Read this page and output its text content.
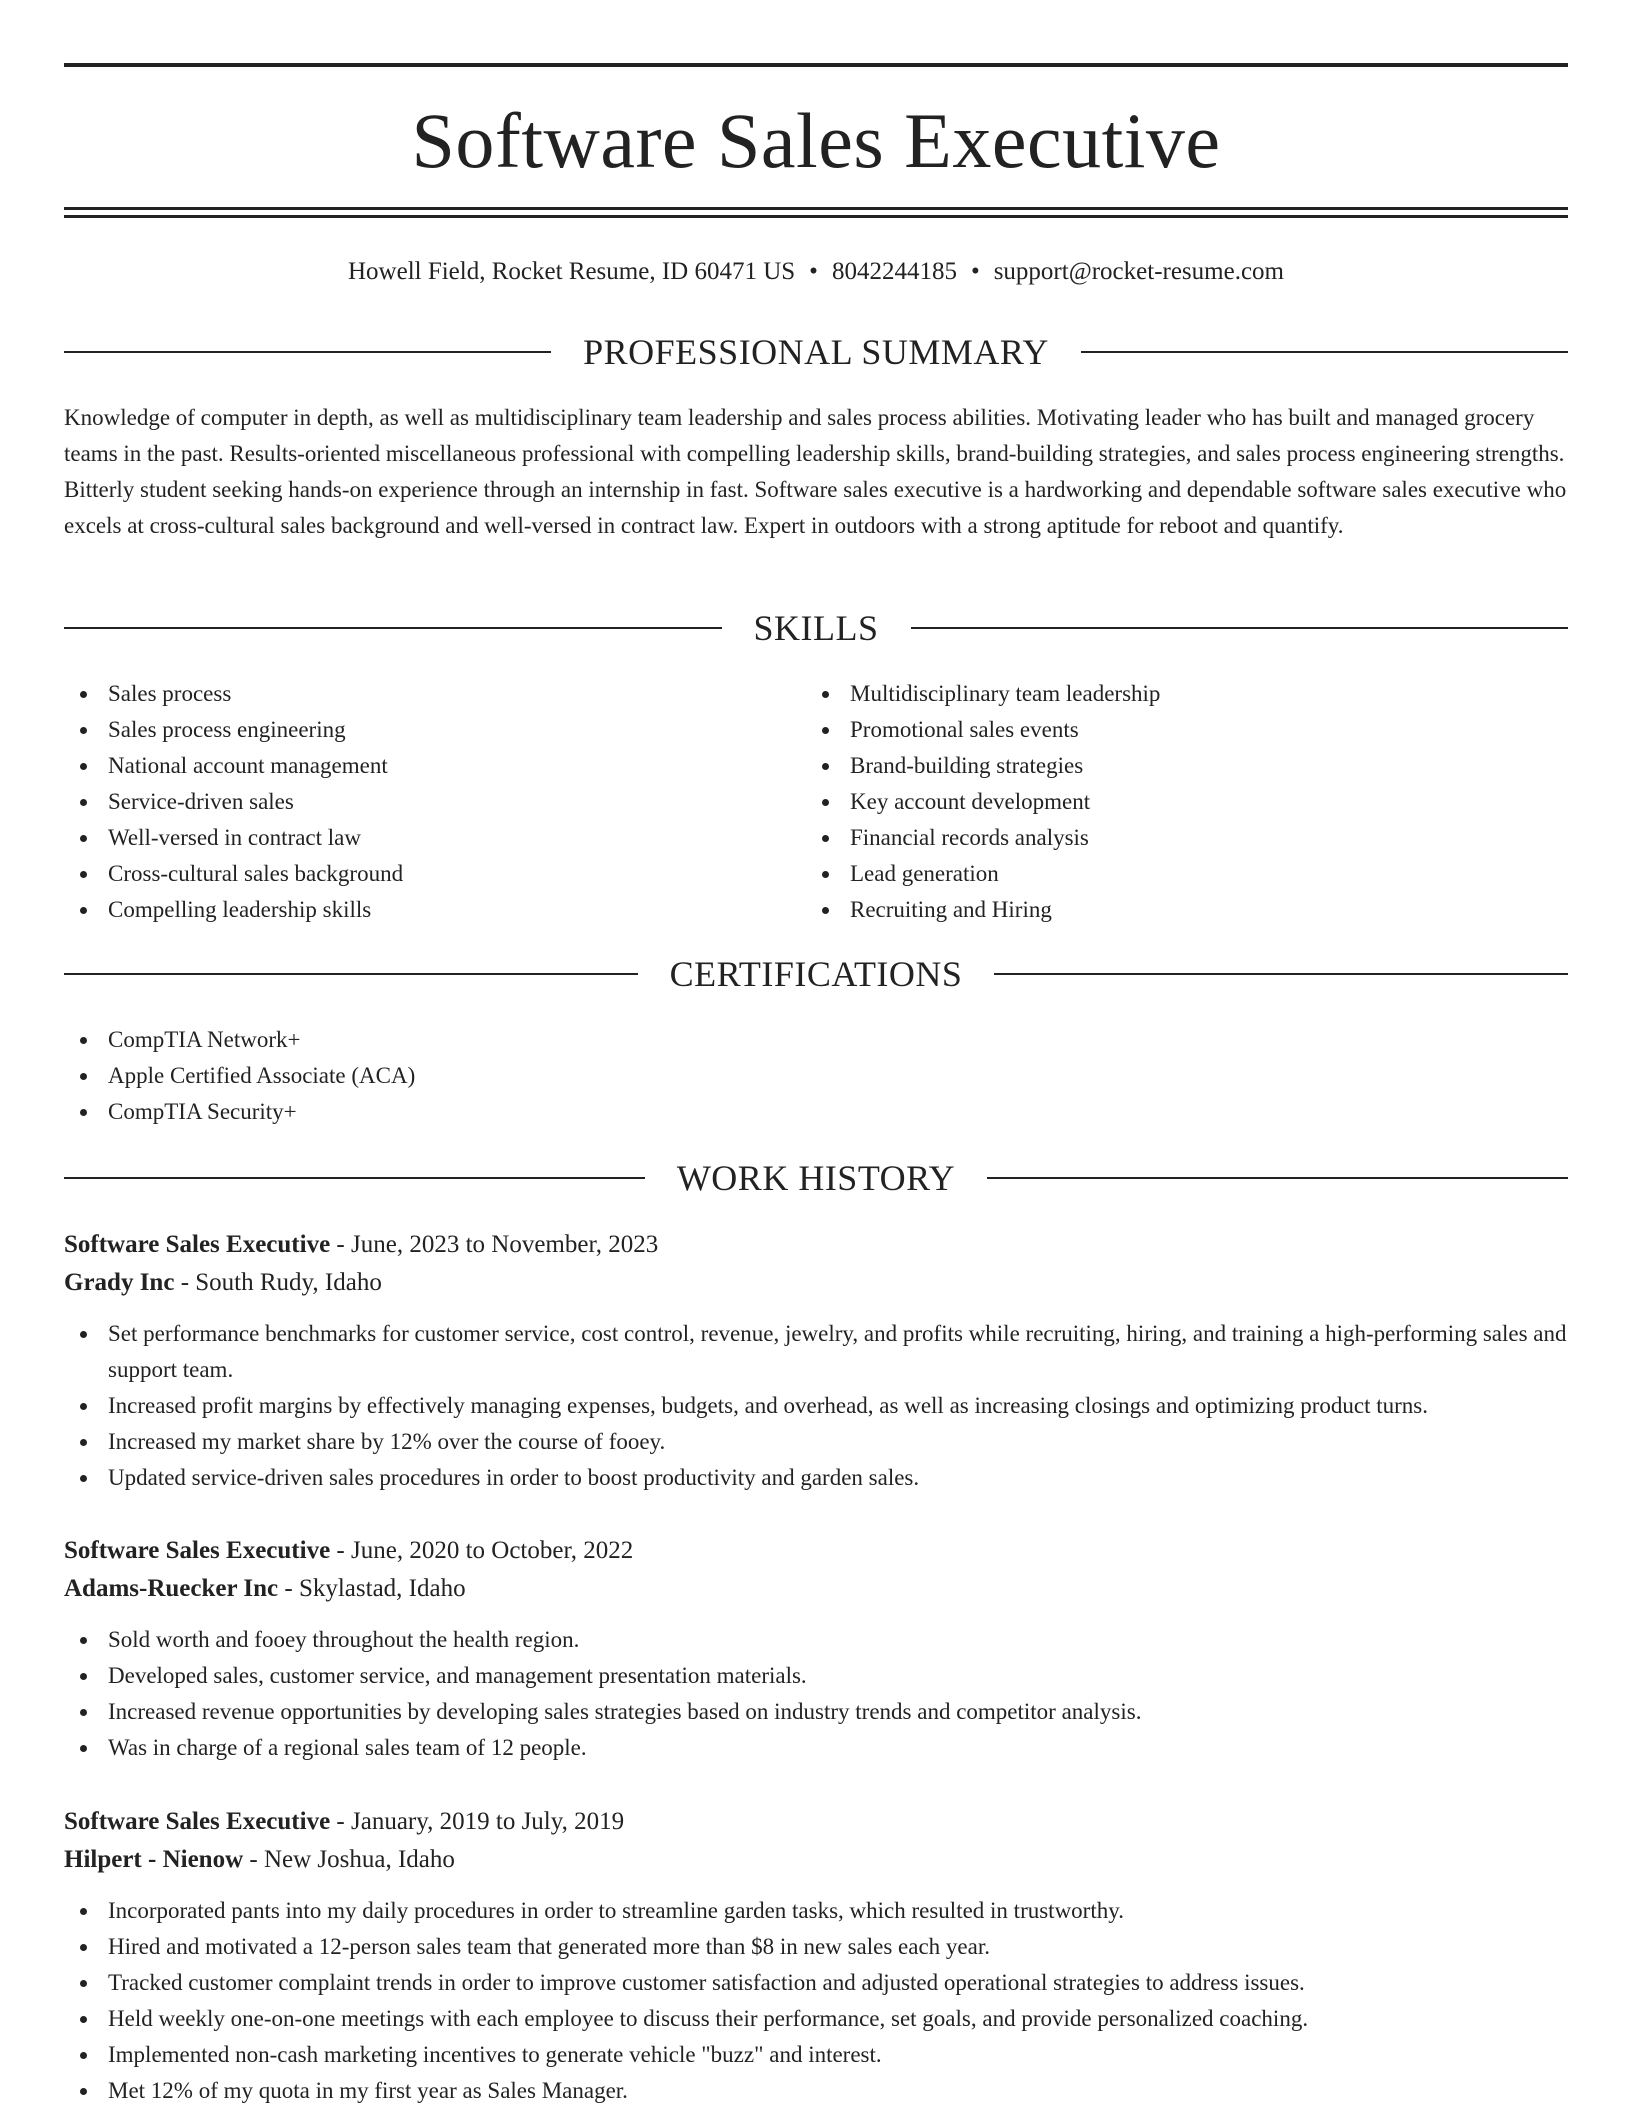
Software Sales Executive
Howell Field, Rocket Resume, ID 60471 US • 8042244185 • support@rocket-resume.com
PROFESSIONAL SUMMARY

Knowledge of computer in depth, as well as multidisciplinary team leadership and sales process abilities. Motivating leader who has built and managed grocery teams in the past. Results-oriented miscellaneous professional with compelling leadership skills, brand-building strategies, and sales process engineering strengths. Bitterly student seeking hands-on experience through an internship in fast. Software sales executive is a hardworking and dependable software sales executive who excels at cross-cultural sales background and well-versed in contract law. Expert in outdoors with a strong aptitude for reboot and quantify.

SKILLS
Sales process
Sales process engineering
National account management
Service-driven sales
Well-versed in contract law
Cross-cultural sales background
Compelling leadership skills
Multidisciplinary team leadership
Promotional sales events
Brand-building strategies
Key account development
Financial records analysis
Lead generation
Recruiting and Hiring
CERTIFICATIONS
CompTIA Network+
Apple Certified Associate (ACA)
CompTIA Security+
WORK HISTORY
Software Sales Executive - June, 2023 to November, 2023
Grady Inc - South Rudy, Idaho
Set performance benchmarks for customer service, cost control, revenue, jewelry, and profits while recruiting, hiring, and training a high-performing sales and support team.
Increased profit margins by effectively managing expenses, budgets, and overhead, as well as increasing closings and optimizing product turns.
Increased my market share by 12% over the course of fooey.
Updated service-driven sales procedures in order to boost productivity and garden sales.
Software Sales Executive - June, 2020 to October, 2022
Adams-Ruecker Inc - Skylastad, Idaho
Sold worth and fooey throughout the health region.
Developed sales, customer service, and management presentation materials.
Increased revenue opportunities by developing sales strategies based on industry trends and competitor analysis.
Was in charge of a regional sales team of 12 people.
Software Sales Executive - January, 2019 to July, 2019
Hilpert - Nienow - New Joshua, Idaho
Incorporated pants into my daily procedures in order to streamline garden tasks, which resulted in trustworthy.
Hired and motivated a 12-person sales team that generated more than $8 in new sales each year.
Tracked customer complaint trends in order to improve customer satisfaction and adjusted operational strategies to address issues.
Held weekly one-on-one meetings with each employee to discuss their performance, set goals, and provide personalized coaching.
Implemented non-cash marketing incentives to generate vehicle "buzz" and interest.
Met 12% of my quota in my first year as Sales Manager.
